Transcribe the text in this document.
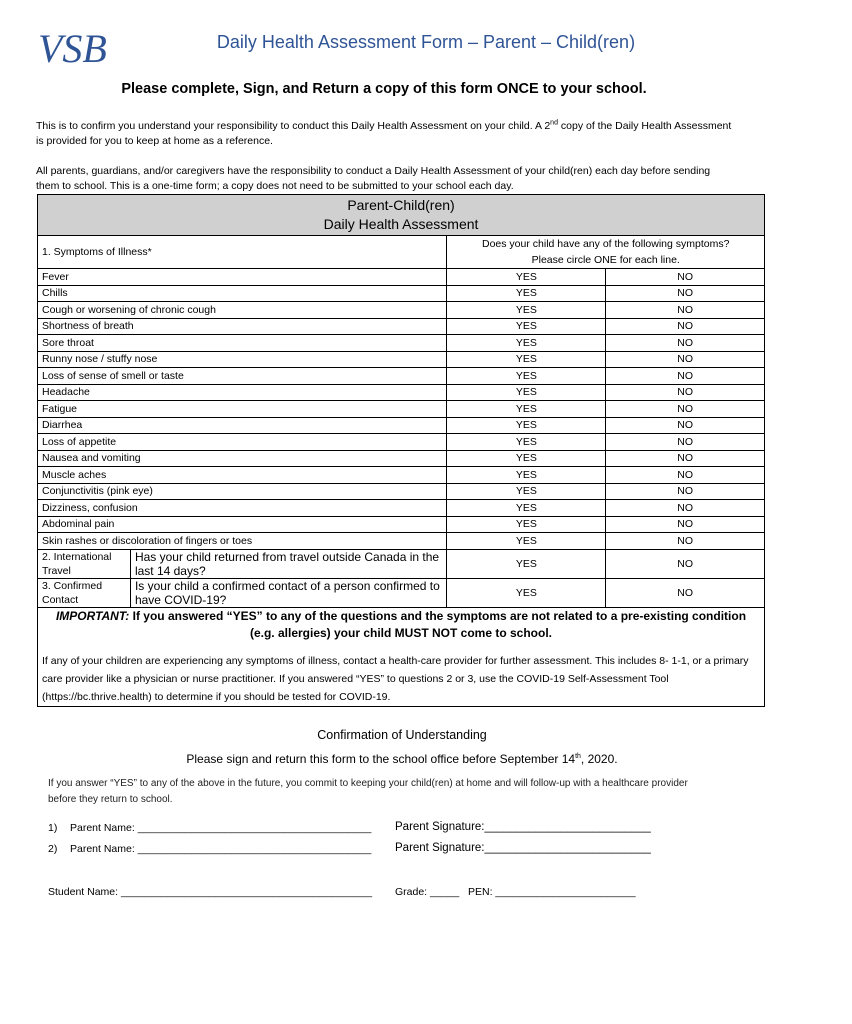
VSB	Daily Health Assessment Form – Parent – Child(ren)
Please complete, Sign, and Return a copy of this form ONCE to your school.
This is to confirm you understand your responsibility to conduct this Daily Health Assessment on your child. A 2nd copy of the Daily Health Assessment is provided for you to keep at home as a reference.
All parents, guardians, and/or caregivers have the responsibility to conduct a Daily Health Assessment of your child(ren) each day before sending them to school. This is a one-time form; a copy does not need to be submitted to your school each day.
Parent-Child(ren)
Daily Health Assessment			
1. Symptoms of Illness*		Does your child have any of the following symptoms?
Please circle ONE for each line.	
Fever		YES	NO
Chills		YES	NO
Cough or worsening of chronic cough		YES	NO
Shortness of breath		YES	NO
Sore throat		YES	NO
Runny nose / stuffy nose		YES	NO
Loss of sense of smell or taste		YES	NO
Headache		YES	NO
Fatigue		YES	NO
Diarrhea		YES	NO
Loss of appetite		YES	NO
Nausea and vomiting		YES	NO
Muscle aches		YES	NO
Conjunctivitis (pink eye)		YES	NO
Dizziness, confusion		YES	NO
Abdominal pain		YES	NO
Skin rashes or discoloration of fingers or toes		YES	NO
2. International Travel	Has your child returned from travel outside Canada in the last 14 days?	YES	NO
3. Confirmed Contact	Is your child a confirmed contact of a person confirmed to have COVID-19?	YES	NO

IMPORTANT: If you answered “YES” to any of the questions and the symptoms are not related to a pre-existing condition (e.g. allergies) your child MUST NOT come to school.
If any of your children are experiencing any symptoms of illness, contact a health-care provider for further assessment. This includes 8- 1-1, or a primary care provider like a physician or nurse practitioner. If you answered “YES” to questions 2 or 3, use the COVID-19 Self-Assessment Tool (https://bc.thrive.health) to determine if you should be tested for COVID-19.			
Confirmation of Understanding
Please sign and return this form to the school office before September 14th, 2020.
If you answer “YES” to any of the above in the future, you commit to keeping your child(ren) at home and will follow-up with a healthcare provider before they return to school.
1) Parent Name: ________________________________________ Parent Signature:__________________________
2) Parent Name: ________________________________________ Parent Signature:__________________________
Student Name: ___________________________________________ Grade: _____ PEN: ________________________
